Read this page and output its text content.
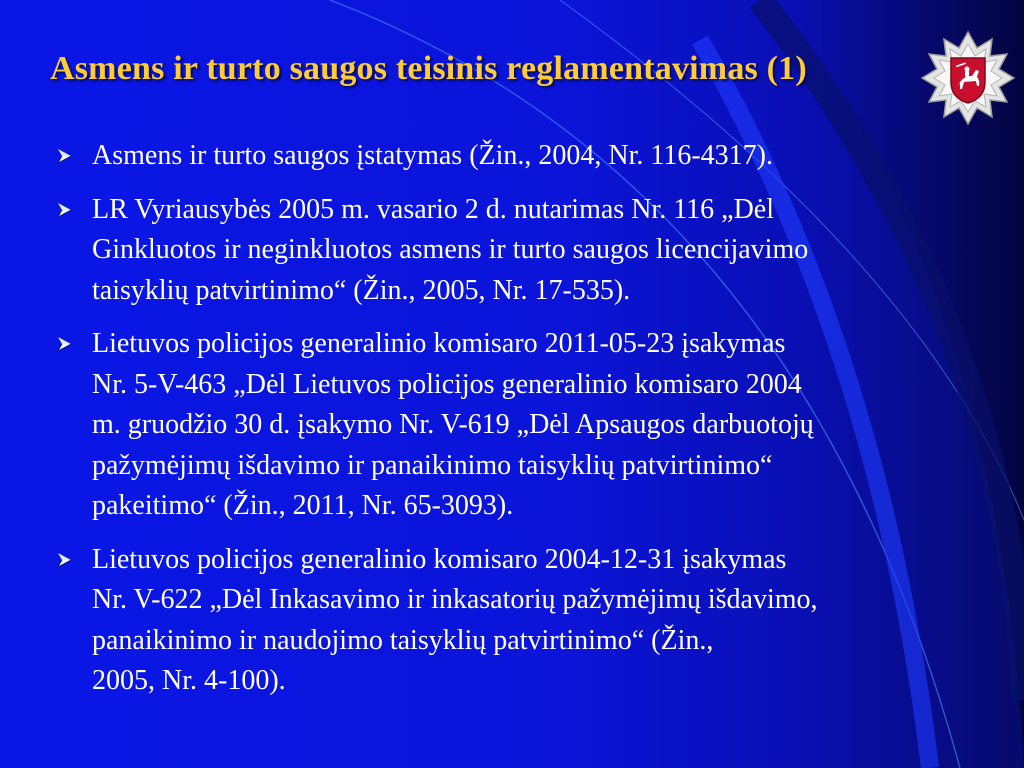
Asmens ir turto saugos teisinis reglamentavimas (1)
Asmens ir turto saugos įstatymas (Žin., 2004, Nr. 116-4317).
LR Vyriausybės 2005 m. vasario 2 d. nutarimas Nr. 116 „Dėl
Ginkluotos ir neginkluotos asmens ir turto saugos licencijavimo
taisyklių patvirtinimo“ (Žin., 2005, Nr. 17-535).
Lietuvos policijos generalinio komisaro 2011-05-23 įsakymas
Nr. 5-V-463 „Dėl Lietuvos policijos generalinio komisaro 2004
m. gruodžio 30 d. įsakymo Nr. V-619 „Dėl Apsaugos darbuotojų
pažymėjimų išdavimo ir panaikinimo taisyklių patvirtinimo“
pakeitimo“ (Žin., 2011, Nr. 65-3093).
Lietuvos policijos generalinio komisaro 2004-12-31 įsakymas
Nr. V-622 „Dėl Inkasavimo ir inkasatorių pažymėjimų išdavimo,
panaikinimo ir naudojimo taisyklių patvirtinimo“ (Žin.,
2005, Nr. 4-100).
